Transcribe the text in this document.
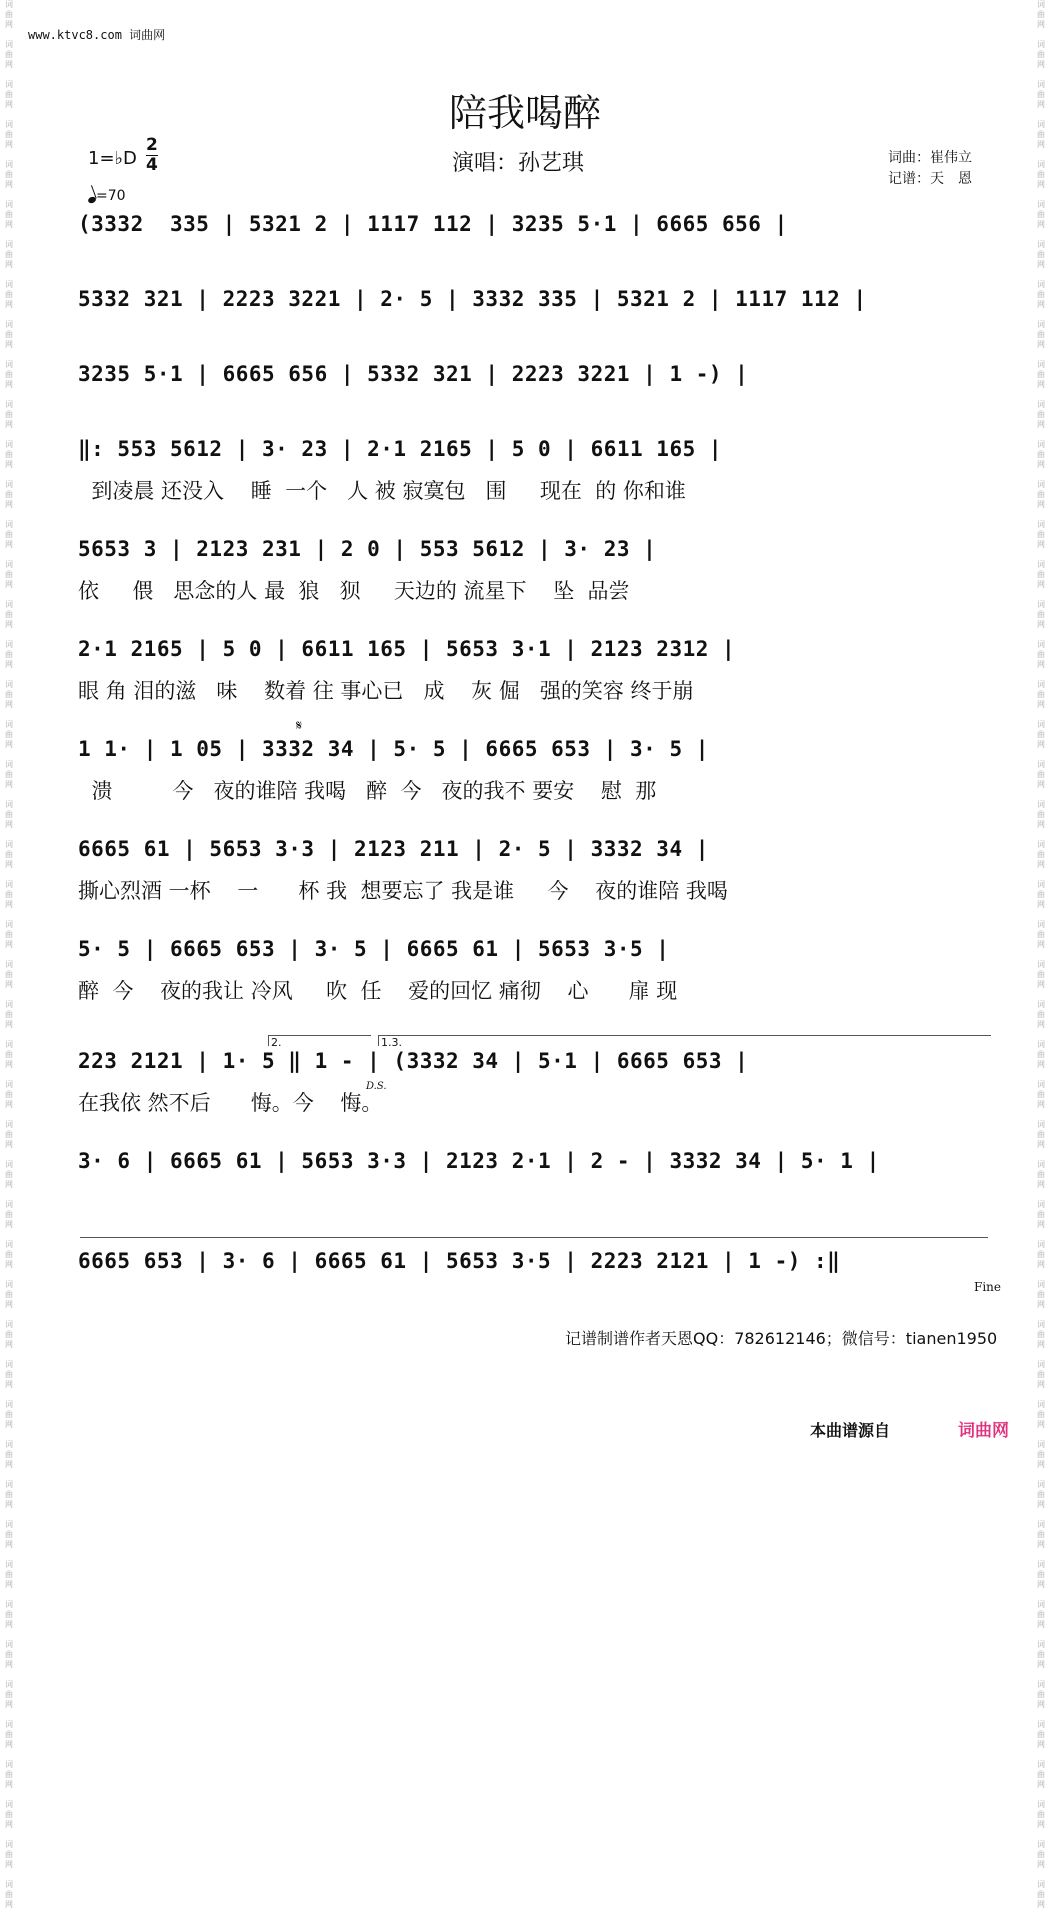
词
曲
网

词
曲
网

词
曲
网

词
曲
网

词
曲
网

词
曲
网

词
曲
网

词
曲
网

词
曲
网

词
曲
网

词
曲
网

词
曲
网

词
曲
网

词
曲
网

词
曲
网

词
曲
网

词
曲
网

词
曲
网

词
曲
网

词
曲
网

词
曲
网

词
曲
网

词
曲
网

词
曲
网

词
曲
网

词
曲
网

词
曲
网

词
曲
网

词
曲
网

词
曲
网

词
曲
网

词
曲
网

词
曲
网

词
曲
网

词
曲
网

词
曲
网

词
曲
网

词
曲
网

词
曲
网

词
曲
网

词
曲
网

词
曲
网

词
曲
网

词
曲
网

词
曲
网

词
曲
网

词
曲
网

词
曲
网

词
曲
网

词
曲
网

词
曲
网

词
曲
网

词
曲
网

词
曲
网

词
曲
网

词
曲
网

词
曲
网

词
曲
网

词
曲
网

词
曲
网

词
曲
网

词
曲
网

词
曲
网

词
曲
网

词
曲
网

词
曲
网

词
曲
网

词
曲
网

词
曲
网

词
曲
网

词
曲
网

词
曲
网

词
曲
网

词
曲
网

词
曲
网

词
曲
网

词
曲
网

词
曲
网

词
曲
网

词
曲
网

词
曲
网

词
曲
网

词
曲
网

词
曲
网

词
曲
网

词
曲
网

词
曲
网

词
曲
网

词
曲
网

词
曲
网

词
曲
网

词
曲
网

词
曲
网

词
曲
网

词
曲
网

词
曲
网

www.ktvc8.com 词曲网
陪我喝醉
1=♭D
2
4
=70
演唱：孙艺琪	词曲：崔伟立
记谱：天　恩
(3332  335 | 5321 2 | 1117 112 | 3235 5·1 | 6665 656 |
5332 321 | 2223 3221 | 2· 5 | 3332 335 | 5321 2 | 1117 112 |
3235 5·1 | 6665 656 | 5332 321 | 2223 3221 | 1 -) |
‖: 553 5612 | 3· 23 | 2·1 2165 | 5 0 | 6611 165 |
到凌晨 还没入    睡  一个   人 被 寂寞包   围     现在  的 你和谁
5653 3 | 2123 231 | 2 0 | 553 5612 | 3· 23 |
依     偎   思念的人 最  狼   狈     天边的 流星下    坠  品尝
2·1 2165 | 5 0 | 6611 165 | 5653 3·1 | 2123 2312 |
眼 角 泪的滋   味    数着 往 事心已   成    灰 倔   强的笑容 终于崩
1 1· | 1 05 | 3332 34 | 5· 5 | 6665 653 | 3· 5 |
溃         今   夜的谁陪 我喝   醉  今   夜的我不 要安    慰  那
6665 61 | 5653 3·3 | 2123 211 | 2· 5 | 3332 34 |
撕心烈酒 一杯    一      杯 我  想要忘了 我是谁     今    夜的谁陪 我喝
5· 5 | 6665 653 | 3· 5 | 6665 61 | 5653 3·5 |
醉  今    夜的我让 冷风     吹  任    爱的回忆 痛彻    心      扉 现
223 2121 | 1· 5 ‖ 1 - | (3332 34 | 5·1 | 6665 653 |
在我依 然不后      悔。今    悔。
3· 6 | 6665 61 | 5653 3·3 | 2123 2·1 | 2 - | 3332 34 | 5· 1 |
6665 653 | 3· 6 | 6665 61 | 5653 3·5 | 2223 2121 | 1 -) :‖
𝄋
2.	1.3.
D.S.
Fine
记谱制谱作者天恩QQ：782612146；微信号：tianen1950
本曲谱源自	词曲网
